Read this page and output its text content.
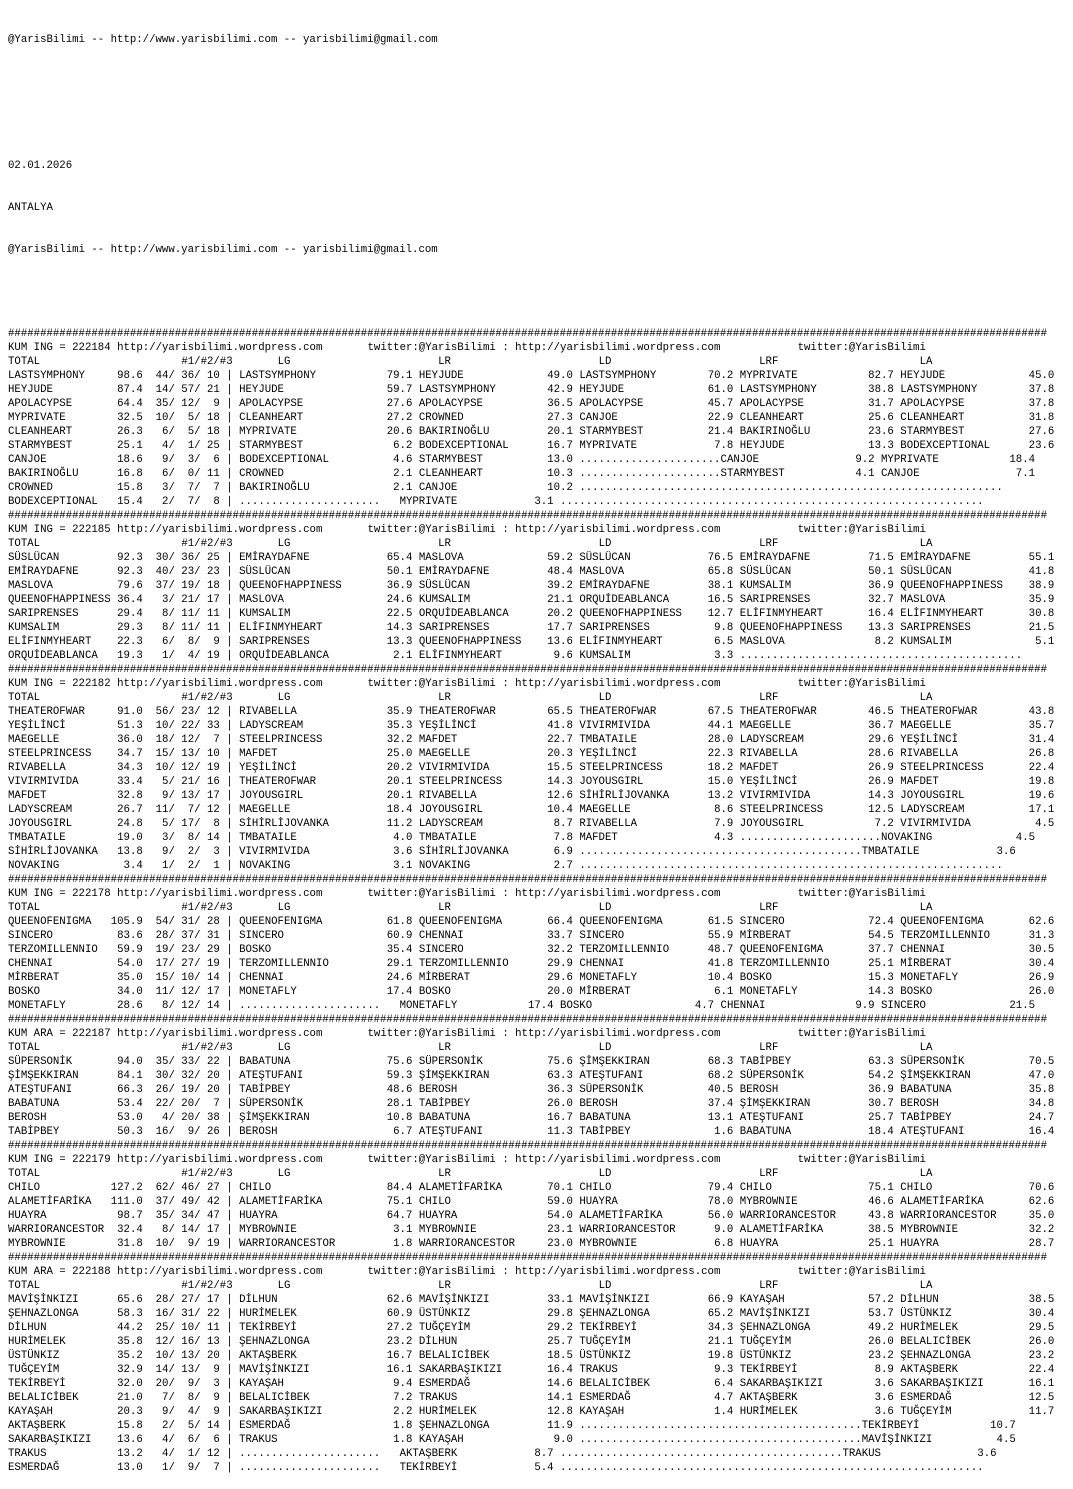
@YarisBilimi -- http://www.yarisbilimi.com -- yarisbilimi@gmail.com

02.01.2026

ANTALYA

@YarisBilimi -- http://www.yarisbilimi.com -- yarisbilimi@gmail.com

##################################################################################################################################################################
KUM ING = 222184 http://yarisbilimi.wordpress.com       twitter:@YarisBilimi : http://yarisbilimi.wordpress.com            twitter:@YarisBilimi
TOTAL                      #1/#2/#3       LG                       LR                       LD                       LRF                      LA
LASTSYMPHONY     98.6 44/ 36/ 10 | LASTSYMPHONY           79.1 HEYJUDE             49.0 LASTSYMPHONY        70.2 MYPRIVATE           82.7 HEYJUDE             45.0
HEYJUDE          87.4 14/ 57/ 21 | HEYJUDE                59.7 LASTSYMPHONY        42.9 HEYJUDE             61.0 LASTSYMPHONY        38.8 LASTSYMPHONY        37.8
APOLACYPSE       64.4 35/ 12/  9 | APOLACYPSE             27.6 APOLACYPSE          36.5 APOLACYPSE          45.7 APOLACYPSE          31.7 APOLACYPSE          37.8
MYPRIVATE        32.5 10/  5/ 18 | CLEANHEART             27.2 CROWNED             27.3 CANJOE              22.9 CLEANHEART          25.6 CLEANHEART          31.8
CLEANHEART       26.3   6/  5/ 18 | MYPRIVATE              20.6 BAKIRINOĞLU         20.1 STARMYBEST          21.4 BAKIRINOĞLU         23.6 STARMYBEST          27.6
STARMYBEST       25.1   4/  1/ 25 | STARMYBEST              6.2 BODEXCEPTIONAL      16.7 MYPRIVATE            7.8 HEYJUDE             13.3 BODEXCEPTIONAL      23.6
CANJOE           18.6   9/  3/  6 | BODEXCEPTIONAL          4.6 STARMYBEST          13.0 ......................   CANJOE               9.2 MYPRIVATE           18.4
BAKIRINOĞLU      16.8   6/  0/ 11 | CROWNED                 2.1 CLEANHEART          10.3 ......................   STARMYBEST           4.1 CANJOE               7.1
CROWNED          15.8   3/  7/  7 | BAKIRINOĞLU             2.1 CANJOE              10.2 ......................   ......................   ......................
BODEXCEPTIONAL   15.4   2/  7/  8 | ...................... MYPRIVATE            3.1 ......................   ......................   ......................
##################################################################################################################################################################
KUM ING = 222185 http://yarisbilimi.wordpress.com       twitter:@YarisBilimi : http://yarisbilimi.wordpress.com            twitter:@YarisBilimi
TOTAL                      #1/#2/#3       LG                       LR                       LD                       LRF                      LA
SÜSLÜCAN         92.3 30/ 36/ 25 | EMİRAYDAFNE            65.4 MASLOVA             59.2 SÜSLÜCAN            76.5 EMİRAYDAFNE         71.5 EMİRAYDAFNE         55.1
EMİRAYDAFNE      92.3 40/ 23/ 23 | SÜSLÜCAN               50.1 EMİRAYDAFNE         48.4 MASLOVA             65.8 SÜSLÜCAN            50.1 SÜSLÜCAN            41.8
MASLOVA          79.6 37/ 19/ 18 | QUEENOFHAPPINESS       36.9 SÜSLÜCAN            39.2 EMİRAYDAFNE         38.1 KUMSALIM            36.9 QUEENOFHAPPINESS    38.9
QUEENOFHAPPINESS 36.4   3/ 21/ 17 | MASLOVA                24.6 KUMSALIM            21.1 ORQUİDEABLANCA      16.5 SARIPRENSES         32.7 MASLOVA             35.9
SARIPRENSES      29.4   8/ 11/ 11 | KUMSALIM               22.5 ORQUİDEABLANCA      20.2 QUEENOFHAPPINESS    12.7 ELİFINMYHEART       16.4 ELİFINMYHEART       30.8
KUMSALIM         29.3   8/ 11/ 11 | ELİFINMYHEART          14.3 SARIPRENSES         17.7 SARIPRENSES          9.8 QUEENOFHAPPINESS    13.3 SARIPRENSES         21.5
ELİFINMYHEART    22.3   6/  8/  9 | SARIPRENSES            13.3 QUEENOFHAPPINESS    13.6 ELİFINMYHEART        6.5 MASLOVA              8.2 KUMSALIM             5.1
ORQUİDEABLANCA   19.3   1/  4/ 19 | ORQUİDEABLANCA          2.1 ELİFINMYHEART        9.6 KUMSALIM             3.3 ......................   ......................
##################################################################################################################################################################
KUM ING = 222182 http://yarisbilimi.wordpress.com       twitter:@YarisBilimi : http://yarisbilimi.wordpress.com            twitter:@YarisBilimi
TOTAL                      #1/#2/#3       LG                       LR                       LD                       LRF                      LA
THEATEROFWAR     91.0 56/ 23/ 12 | RIVABELLA              35.9 THEATEROFWAR        65.5 THEATEROFWAR        67.5 THEATEROFWAR        46.5 THEATEROFWAR        43.8
YEŞİLİNCİ        51.3 10/ 22/ 33 | LADYSCREAM             35.3 YEŞİLİNCİ           41.8 VIVIRMIVIDA         44.1 MAEGELLE            36.7 MAEGELLE            35.7
MAEGELLE         36.0 18/ 12/  7 | STEELPRINCESS          32.2 MAFDET              22.7 TMBATAILE           28.0 LADYSCREAM          29.6 YEŞİLİNCİ           31.4
STEELPRINCESS    34.7 15/ 13/ 10 | MAFDET                 25.0 MAEGELLE            20.3 YEŞİLİNCİ           22.3 RIVABELLA           28.6 RIVABELLA           26.8
RIVABELLA        34.3 10/ 12/ 19 | YEŞİLİNCİ              20.2 VIVIRMIVIDA         15.5 STEELPRINCESS       18.2 MAFDET              26.9 STEELPRINCESS       22.4
VIVIRMIVIDA      33.4   5/ 21/ 16 | THEATEROFWAR           20.1 STEELPRINCESS       14.3 JOYOUSGIRL          15.0 YEŞİLİNCİ           26.9 MAFDET              19.8
MAFDET           32.8   9/ 13/ 17 | JOYOUSGIRL             20.1 RIVABELLA           12.6 SİHİRLİJOVANKA      13.2 VIVIRMIVIDA         14.3 JOYOUSGIRL          19.6
LADYSCREAM       26.7 11/  7/ 12 | MAEGELLE               18.4 JOYOUSGIRL          10.4 MAEGELLE             8.6 STEELPRINCESS       12.5 LADYSCREAM          17.1
JOYOUSGIRL       24.8   5/ 17/  8 | SİHİRLİJOVANKA         11.2 LADYSCREAM           8.7 RIVABELLA            7.9 JOYOUSGIRL           7.2 VIVIRMIVIDA          4.5
TMBATAILE        19.0   3/  8/ 14 | TMBATAILE               4.0 TMBATAILE            7.8 MAFDET               4.3 ......................   NOVAKING             4.5
SİHİRLİJOVANKA   13.8   9/  2/  3 | VIVIRMIVIDA             3.6 SİHİRLİJOVANKA       6.9 ......................   ......................   TMBATAILE            3.6
NOVAKING          3.4   1/  2/  1 | NOVAKING                3.1 NOVAKING             2.7 ......................   ......................   ......................
##################################################################################################################################################################
KUM ING = 222178 http://yarisbilimi.wordpress.com       twitter:@YarisBilimi : http://yarisbilimi.wordpress.com            twitter:@YarisBilimi
TOTAL                      #1/#2/#3       LG                       LR                       LD                       LRF                      LA
QUEENOFENIGMA   105.9 54/ 31/ 28 | QUEENOFENIGMA          61.8 QUEENOFENIGMA       66.4 QUEENOFENIGMA       61.5 SINCERO             72.4 QUEENOFENIGMA       62.6
SINCERO          83.6 28/ 37/ 31 | SINCERO                60.9 CHENNAI             33.7 SINCERO             55.9 MİRBERAT            54.5 TERZOMILLENNIO      31.3
TERZOMILLENNIO   59.9 19/ 23/ 29 | BOSKO                  35.4 SINCERO             32.2 TERZOMILLENNIO      48.7 QUEENOFENIGMA       37.7 CHENNAI             30.5
CHENNAI          54.0 17/ 27/ 19 | TERZOMILLENNIO         29.1 TERZOMILLENNIO      29.9 CHENNAI             41.8 TERZOMILLENNIO      25.1 MİRBERAT            30.4
MİRBERAT         35.0 15/ 10/ 14 | CHENNAI                24.6 MİRBERAT            29.6 MONETAFLY           10.4 BOSKO               15.3 MONETAFLY           26.9
BOSKO            34.0 11/ 12/ 17 | MONETAFLY              17.4 BOSKO               20.0 MİRBERAT             6.1 MONETAFLY           14.3 BOSKO               26.0
MONETAFLY        28.6   8/ 12/ 14 | ...................... MONETAFLY           17.4 BOSKO                4.7 CHENNAI              9.9 SINCERO             21.5
##################################################################################################################################################################
KUM ARA = 222187 http://yarisbilimi.wordpress.com       twitter:@YarisBilimi : http://yarisbilimi.wordpress.com            twitter:@YarisBilimi
TOTAL                      #1/#2/#3       LG                       LR                       LD                       LRF                      LA
SÜPERSONİK       94.0 35/ 33/ 22 | BABATUNA               75.6 SÜPERSONİK          75.6 ŞİMŞEKKIRAN         68.3 TABİPBEY            63.3 SÜPERSONİK          70.5
ŞİMŞEKKIRAN      84.1 30/ 32/ 20 | ATEŞTUFANI             59.3 ŞİMŞEKKIRAN         63.3 ATEŞTUFANI          68.2 SÜPERSONİK          54.2 ŞİMŞEKKIRAN         47.0
ATEŞTUFANI       66.3 26/ 19/ 20 | TABİPBEY               48.6 BEROSH              36.3 SÜPERSONİK          40.5 BEROSH              36.9 BABATUNA            35.8
BABATUNA         53.4 22/ 20/  7 | SÜPERSONİK             28.1 TABİPBEY            26.0 BEROSH              37.4 ŞİMŞEKKIRAN         30.7 BEROSH              34.8
BEROSH           53.0   4/ 20/ 38 | ŞİMŞEKKIRAN            10.8 BABATUNA            16.7 BABATUNA            13.1 ATEŞTUFANI          25.7 TABİPBEY            24.7
TABİPBEY         50.3 16/  9/ 26 | BEROSH                  6.7 ATEŞTUFANI          11.3 TABİPBEY             1.6 BABATUNA            18.4 ATEŞTUFANI          16.4
##################################################################################################################################################################
KUM ING = 222179 http://yarisbilimi.wordpress.com       twitter:@YarisBilimi : http://yarisbilimi.wordpress.com            twitter:@YarisBilimi
TOTAL                      #1/#2/#3       LG                       LR                       LD                       LRF                      LA
CHILO           127.2 62/ 46/ 27 | CHILO                  84.4 ALAMETİFARİKA       70.1 CHILO               79.4 CHILO               75.1 CHILO               70.6
ALAMETİFARİKA   111.0 37/ 49/ 42 | ALAMETİFARİKA          75.1 CHILO               59.0 HUAYRA              78.0 MYBROWNIE           46.6 ALAMETİFARİKA       62.6
HUAYRA           98.7 35/ 34/ 47 | HUAYRA                 64.7 HUAYRA              54.0 ALAMETİFARİKA       56.0 WARRIORANCESTOR     43.8 WARRIORANCESTOR     35.0
WARRIORANCESTOR  32.4   8/ 14/ 17 | MYBROWNIE               3.1 MYBROWNIE           23.1 WARRIORANCESTOR      9.0 ALAMETİFARİKA       38.5 MYBROWNIE           32.2
MYBROWNIE        31.8 10/  9/ 19 | WARRIORANCESTOR         1.8 WARRIORANCESTOR     23.0 MYBROWNIE            6.8 HUAYRA              25.1 HUAYRA              28.7
##################################################################################################################################################################
KUM ARA = 222188 http://yarisbilimi.wordpress.com       twitter:@YarisBilimi : http://yarisbilimi.wordpress.com            twitter:@YarisBilimi
TOTAL                      #1/#2/#3       LG                       LR                       LD                       LRF                      LA
MAVİŞİNKIZI      65.6 28/ 27/ 17 | DİLHUN                 62.6 MAVİŞİNKIZI         33.1 MAVİŞİNKIZI         66.9 KAYAŞAH             57.2 DİLHUN              38.5
ŞEHNAZLONGA      58.3 16/ 31/ 22 | HURİMELEK              60.9 ÜSTÜNKIZ            29.8 ŞEHNAZLONGA         65.2 MAVİŞİNKIZI         53.7 ÜSTÜNKIZ            30.4
DİLHUN           44.2 25/ 10/ 11 | TEKİRBEYİ              27.2 TUĞÇEYİM            29.2 TEKİRBEYİ           34.3 ŞEHNAZLONGA         49.2 HURİMELEK           29.5
HURİMELEK        35.8 12/ 16/ 13 | ŞEHNAZLONGA            23.2 DİLHUN              25.7 TUĞÇEYİM            21.1 TUĞÇEYİM            26.0 BELALICİBEK         26.0
ÜSTÜNKIZ         35.2 10/ 13/ 20 | AKTAŞBERK              16.7 BELALICİBEK         18.5 ÜSTÜNKIZ            19.8 ÜSTÜNKIZ            23.2 ŞEHNAZLONGA         23.2
TUĞÇEYİM         32.9 14/ 13/  9 | MAVİŞİNKIZI            16.1 SAKARBAŞIKIZI       16.4 TRAKUS               9.3 TEKİRBEYİ            8.9 AKTAŞBERK           22.4
TEKİRBEYİ        32.0 20/  9/  3 | KAYAŞAH                 9.4 ESMERDAĞ            14.6 BELALICİBEK          6.4 SAKARBAŞIKIZI        3.6 SAKARBAŞIKIZI       16.1
BELALICİBEK      21.0   7/  8/  9 | BELALICİBEK             7.2 TRAKUS              14.1 ESMERDAĞ             4.7 AKTAŞBERK            3.6 ESMERDAĞ            12.5
KAYAŞAH          20.3   9/  4/  9 | SAKARBAŞIKIZI           2.2 HURİMELEK           12.8 KAYAŞAH              1.4 HURİMELEK            3.6 TUĞÇEYİM            11.7
AKTAŞBERK        15.8   2/  5/ 14 | ESMERDAĞ                1.8 ŞEHNAZLONGA         11.9 ......................   ......................   TEKİRBEYİ           10.7
SAKARBAŞIKIZI    13.6   4/  6/  6 | TRAKUS                  1.8 KAYAŞAH              9.0 ......................   ......................   MAVİŞİNKIZI          4.5
TRAKUS           13.2   4/  1/ 12 | ...................... AKTAŞBERK            8.7 ......................   ......................   TRAKUS               3.6
ESMERDAĞ         13.0   1/  9/  7 | ...................... TEKİRBEYİ            5.4 ......................   ......................   ......................
